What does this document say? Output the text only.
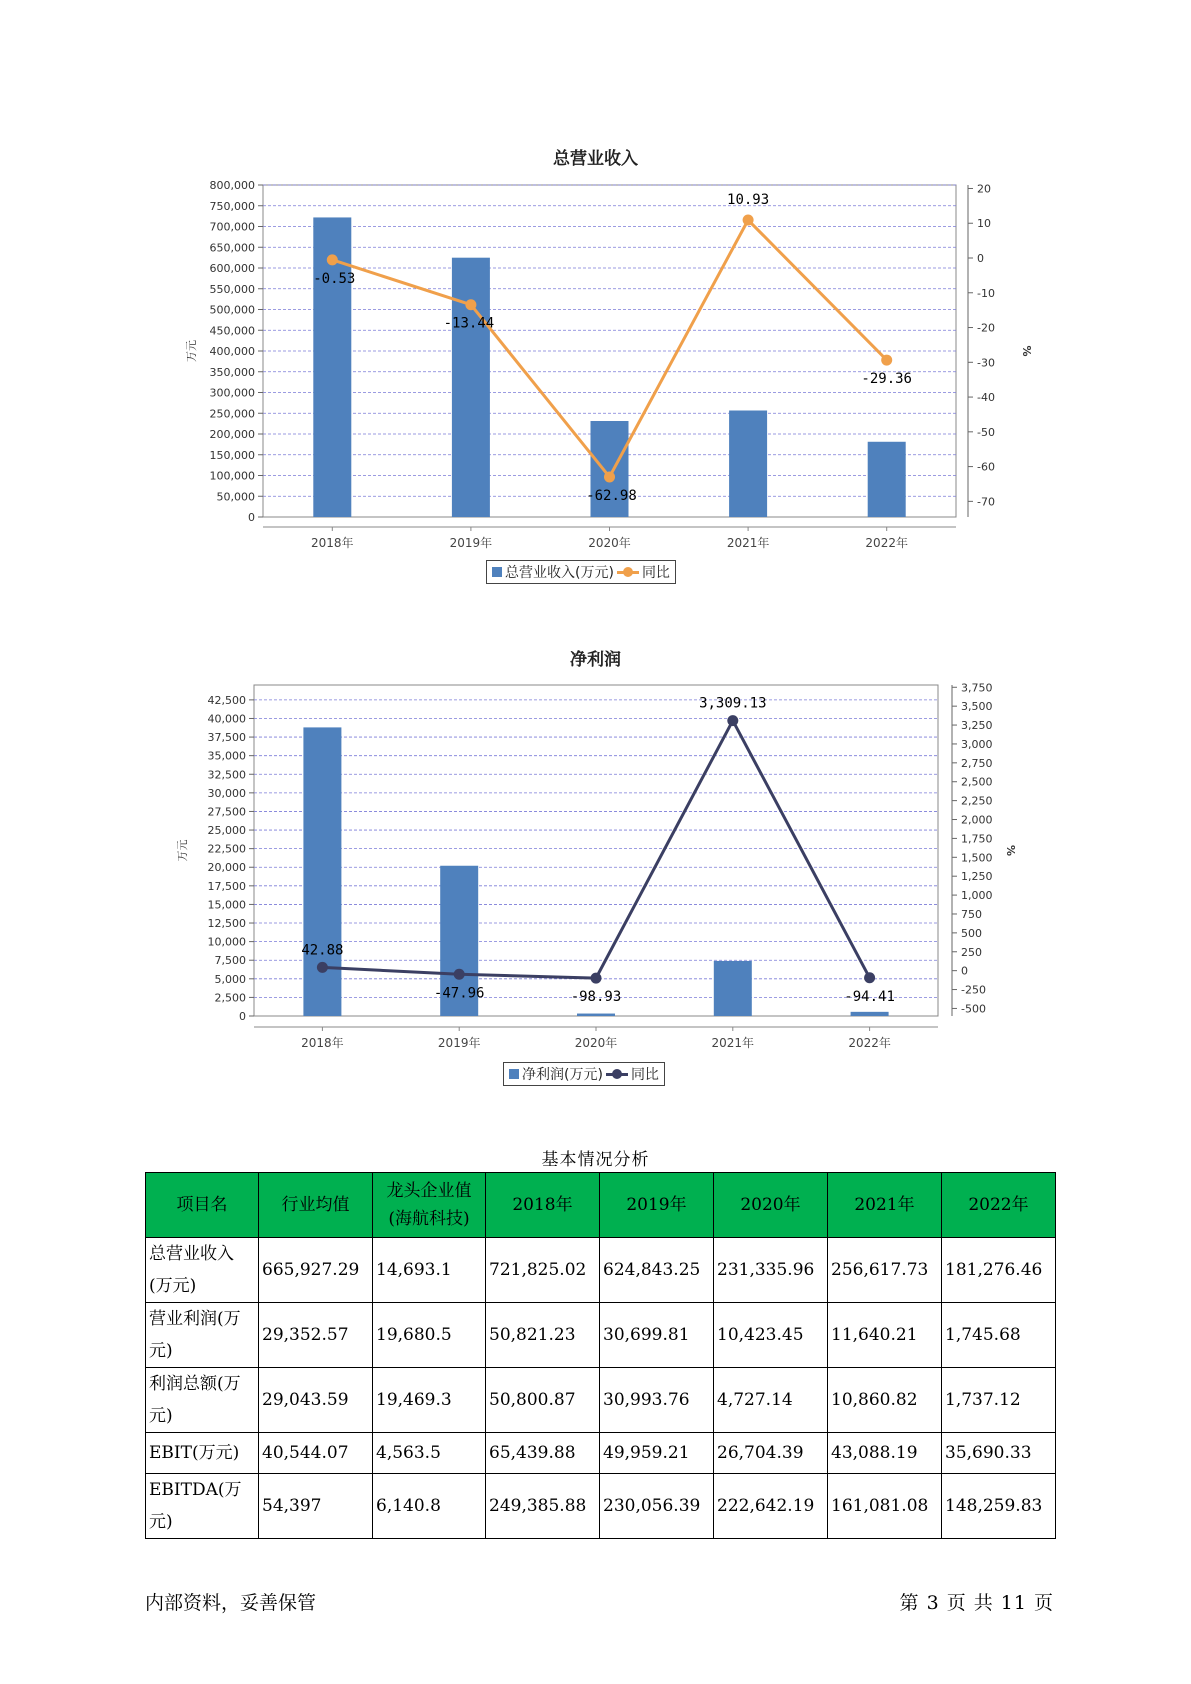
总营业收入
0
50,000
100,000
150,000
200,000
250,000
300,000
350,000
400,000
450,000
500,000
550,000
600,000
650,000
700,000
750,000
800,000	20
10
0
-10
-20
-30
-40
-50
-60
-70
万元	%
2018年	2019年	2020年	2021年	2022年
-0.53
-13.44
-62.98
10.93
-29.36
总营业收入(万元) 同比
净利润
0
2,500
5,000
7,500
10,000
12,500
15,000
17,500
20,000
22,500
25,000
27,500
30,000
32,500
35,000
37,500
40,000
42,500
3,750
3,500
3,250
3,000
2,750
2,500
2,250
2,000
1,750
1,500
1,250
1,000
750
500
250
0
-250
-500
万元	%
2018年	2019年	2020年	2021年	2022年
42.88
-47.96	-98.93
3,309.13
-94.41
净利润(万元) 同比
基本情况分析
项目名	行业均值	龙头企业值(海航科技)	2018年	2019年	2020年	2021年	2022年
总营业收入(万元)	665,927.29	14,693.1	721,825.02	624,843.25	231,335.96	256,617.73	181,276.46
营业利润(万元)	29,352.57	19,680.5	50,821.23	30,699.81	10,423.45	11,640.21	1,745.68
利润总额(万元)	29,043.59	19,469.3	50,800.87	30,993.76	4,727.14	10,860.82	1,737.12
EBIT(万元)	40,544.07	4,563.5	65,439.88	49,959.21	26,704.39	43,088.19	35,690.33
EBITDA(万元)	54,397	6,140.8	249,385.88	230,056.39	222,642.19	161,081.08	148,259.83
内部资料，妥善保管	第 3 页 共 11 页
